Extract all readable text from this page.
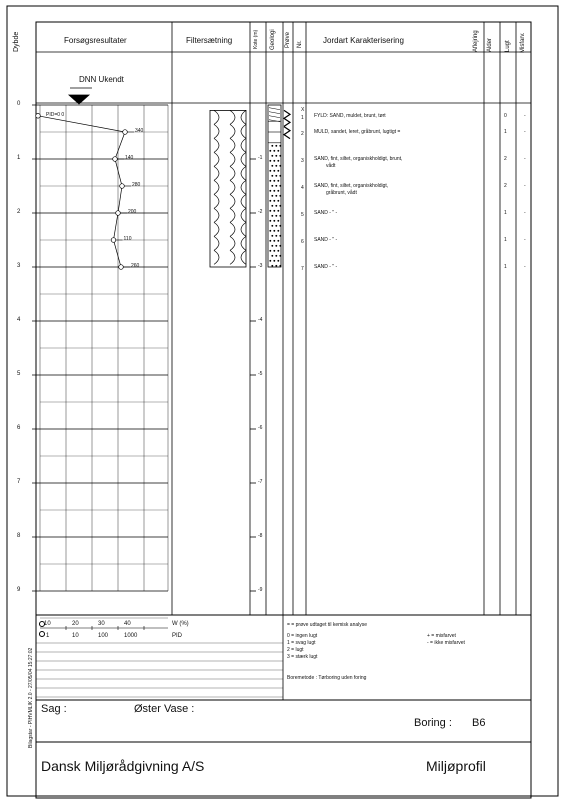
Dybde	Forsøgsresultater	Filtersætning	Kote (m) Geologi Prøve Nr.	Jordart Karakterisering	Aflejring Alder Lugt Misfarv.
DNN Ukendt
PID=0 0
0
1
2
3
4
5
6
7
8
9
-1
-2
-3
-4
-5
-6
-7
-8
-9
X
1 FYLD: SAND, muldet, brunt, tørt	0	-
2 MULD, sandet, leret, gråbrunt, lugtigt =	1	-
3 SAND, fint, siltet, organiskholdigt, brunt,
vådt
2	-
4 SAND, fint, siltet, organiskholdigt,
gråbrunt, vådt
2	-
5 SAND - " -	1	-
6 SAND - " -	1	-
7 SAND - " -	1	-
340
140
280
200
110
260
10	20	30	40
1	10	100	1000
W (%)
PID
= = prøve udtaget til kemisk analyse
0 = ingen lugt
1 = svag lugt
2 = lugt
3 = stærk lugt
+ = misfarvet
- = ikke misfarvet
Boremetode : Tørboring uden foring
Bilagstar - PIHVMLIK 2.0 - 27/05/04 15:27:02 Sag :	Øster Vase :
Boring : B6
Dansk Miljørådgivning A/S	Miljøprofil
